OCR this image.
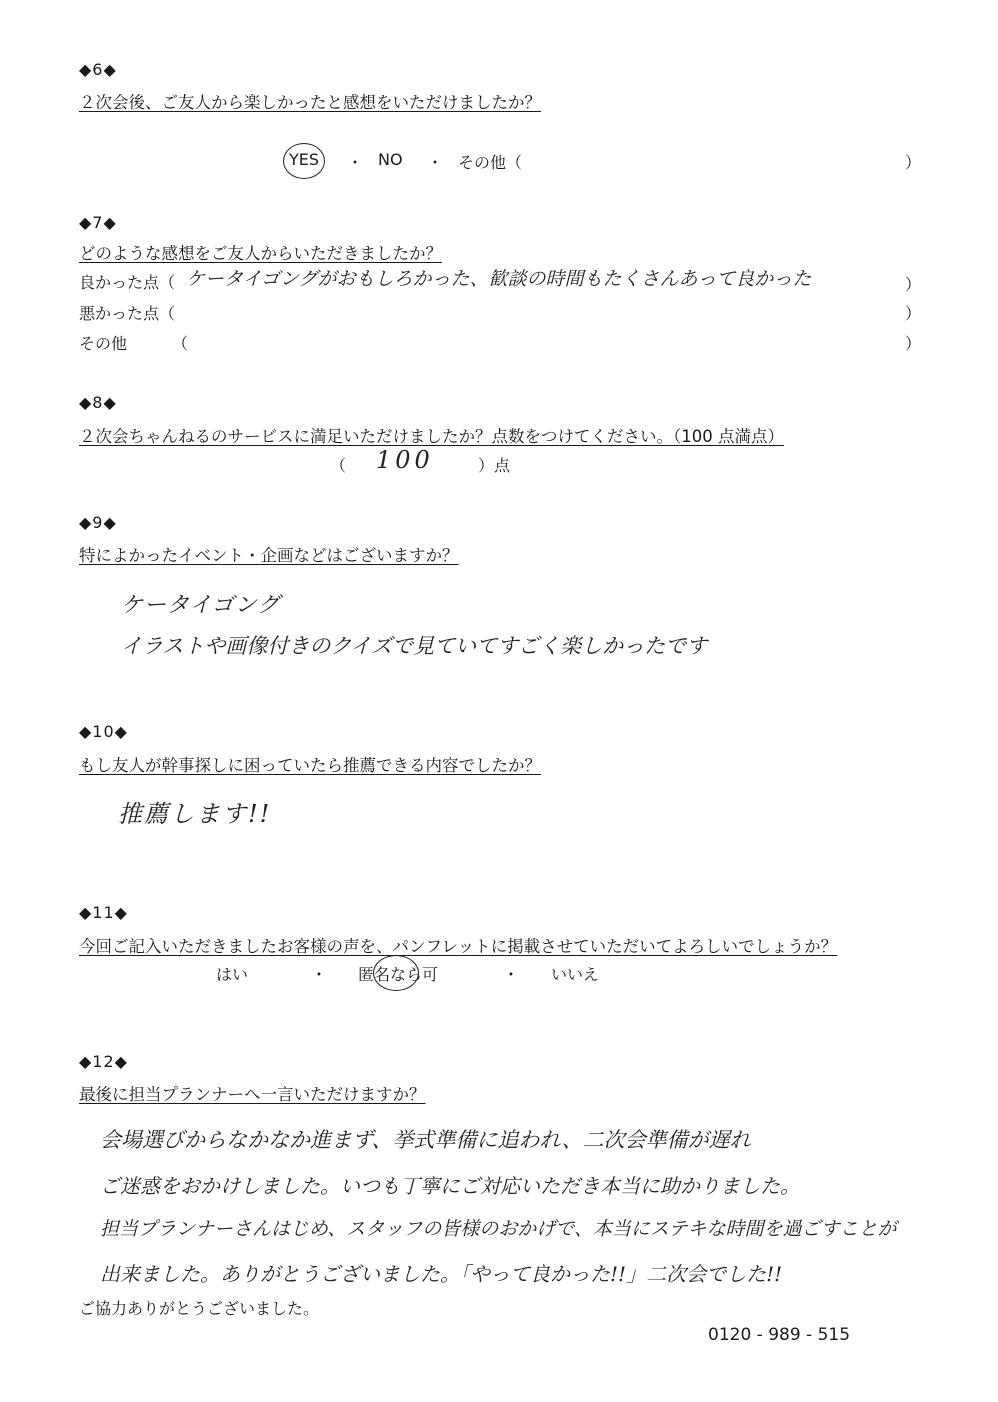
◆6◆
２次会後、ご友人から楽しかったと感想をいただけましたか？
YES ・ NO ・ その他（	）
◆7◆
どのような感想をご友人からいただきましたか？
良かった点（ ケータイゴングがおもしろかった、歓談の時間もたくさんあって良かった	）
悪かった点（	）
その他	（	）
◆8◆
２次会ちゃんねるのサービスに満足いただけましたか？点数をつけてください。（100 点満点）
（ 100	）点
◆9◆
特によかったイベント・企画などはございますか？
ケータイゴング
イラストや画像付きのクイズで見ていてすごく楽しかったです
◆10◆
もし友人が幹事探しに困っていたら推薦できる内容でしたか？
推薦します!!
◆11◆
今回ご記入いただきましたお客様の声を、パンフレットに掲載させていただいてよろしいでしょうか？
はい	・ 匿名なら可	・ いいえ
◆12◆
最後に担当プランナーへ一言いただけますか？
会場選びからなかなか進まず、挙式準備に追われ、二次会準備が遅れ
ご迷惑をおかけしました。いつも丁寧にご対応いただき本当に助かりました。
担当プランナーさんはじめ、スタッフの皆様のおかげで、本当にステキな時間を過ごすことが
出来ました。ありがとうございました。「やって良かった!!」二次会でした!!
ご協力ありがとうございました。
0120 - 989 - 515
